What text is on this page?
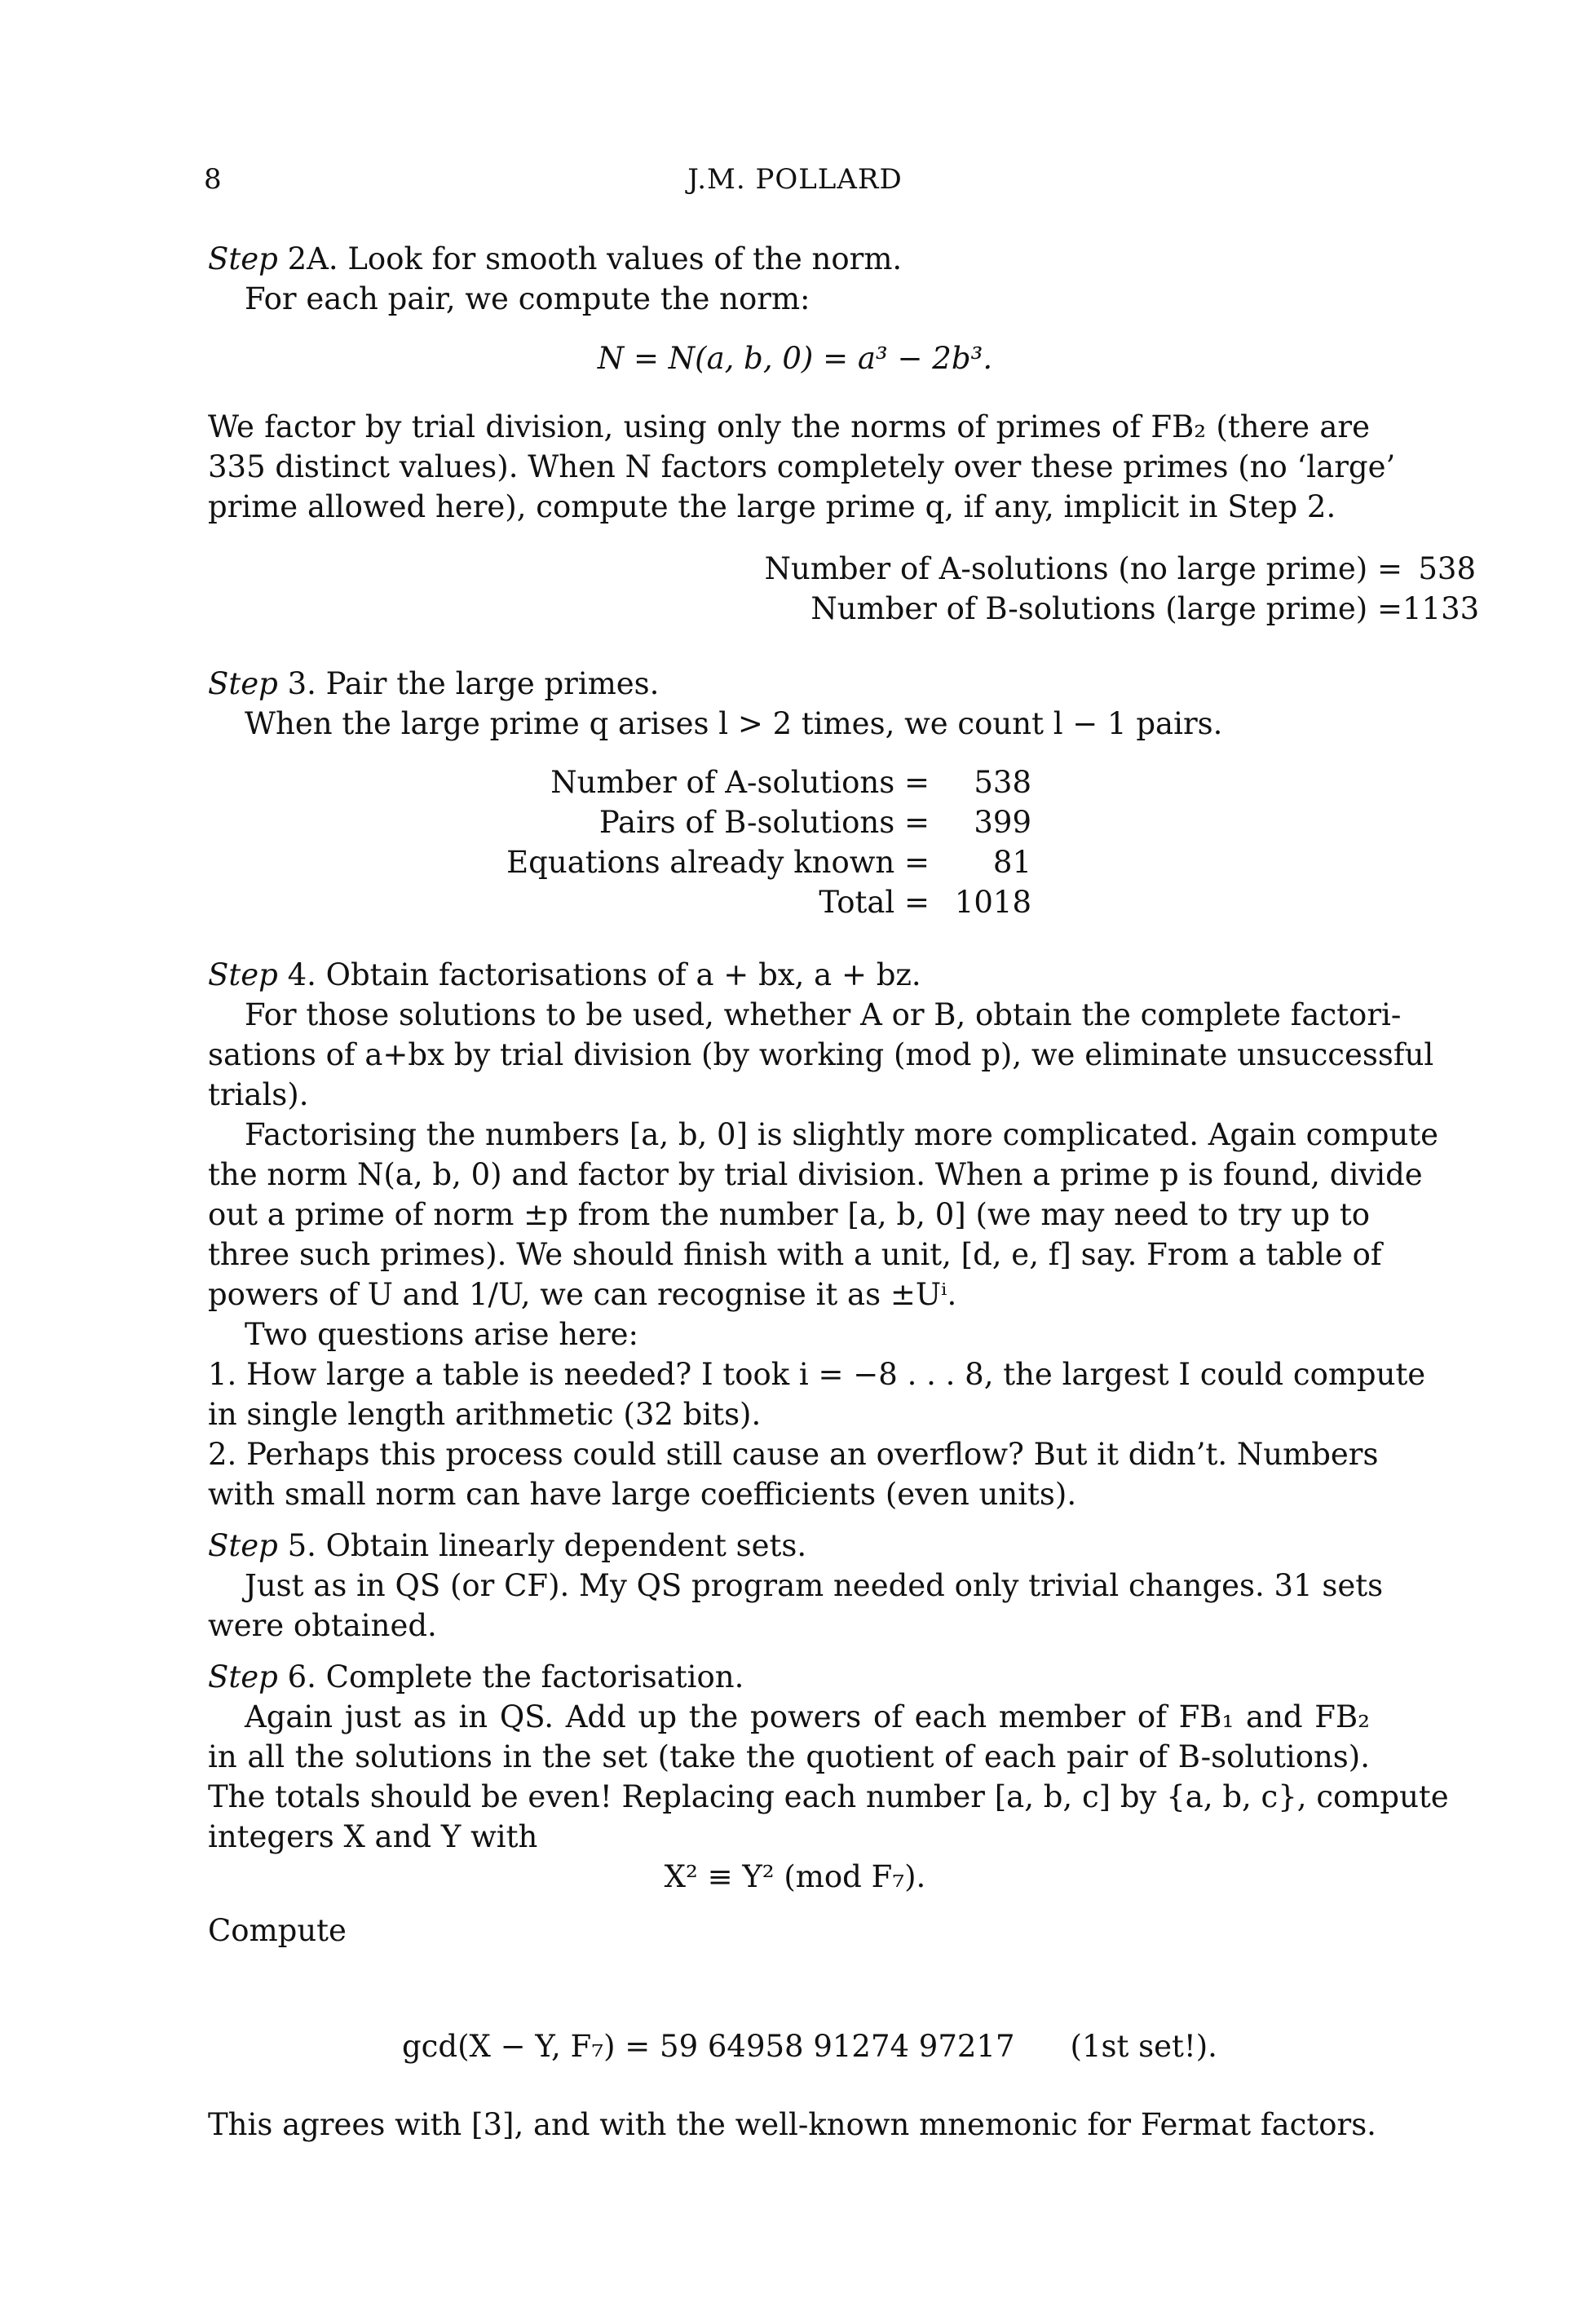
8	J.M. POLLARD
Step 2A. Look for smooth values of the norm.
For each pair, we compute the norm:
N = N(a, b, 0) = a³ − 2b³.
We factor by trial division, using only the norms of primes of FB₂ (there are
335 distinct values). When N factors completely over these primes (no ‘large’
prime allowed here), compute the large prime q, if any, implicit in Step 2.
Number of A-solutions (no large prime) = 538
Number of B-solutions (large prime) = 1133
Step 3. Pair the large primes.
When the large prime q arises l > 2 times, we count l − 1 pairs.
Number of A-solutions =	538
Pairs of B-solutions =	399
Equations already known =	81
Total = 1018
Step 4. Obtain factorisations of a + bx, a + bz.
For those solutions to be used, whether A or B, obtain the complete factori-
sations of a+bx by trial division (by working (mod p), we eliminate unsuccessful
trials).
Factorising the numbers [a, b, 0] is slightly more complicated. Again compute
the norm N(a, b, 0) and factor by trial division. When a prime p is found, divide
out a prime of norm ±p from the number [a, b, 0] (we may need to try up to
three such primes). We should finish with a unit, [d, e, f] say. From a table of
powers of U and 1/U, we can recognise it as ±Uⁱ.
Two questions arise here:
1. How large a table is needed? I took i = −8 . . . 8, the largest I could compute
in single length arithmetic (32 bits).
2. Perhaps this process could still cause an overflow? But it didn’t. Numbers
with small norm can have large coefficients (even units).
Step 5. Obtain linearly dependent sets.
Just as in QS (or CF). My QS program needed only trivial changes. 31 sets
were obtained.
Step 6. Complete the factorisation.
Again just as in QS. Add up the powers of each member of FB₁ and FB₂
in all the solutions in the set (take the quotient of each pair of B-solutions).
The totals should be even! Replacing each number [a, b, c] by {a, b, c}, compute
integers X and Y with
X² ≡ Y² (mod F₇).
Compute
gcd(X − Y, F₇) = 59 64958 91274 97217 (1st set!).
This agrees with [3], and with the well-known mnemonic for Fermat factors.
